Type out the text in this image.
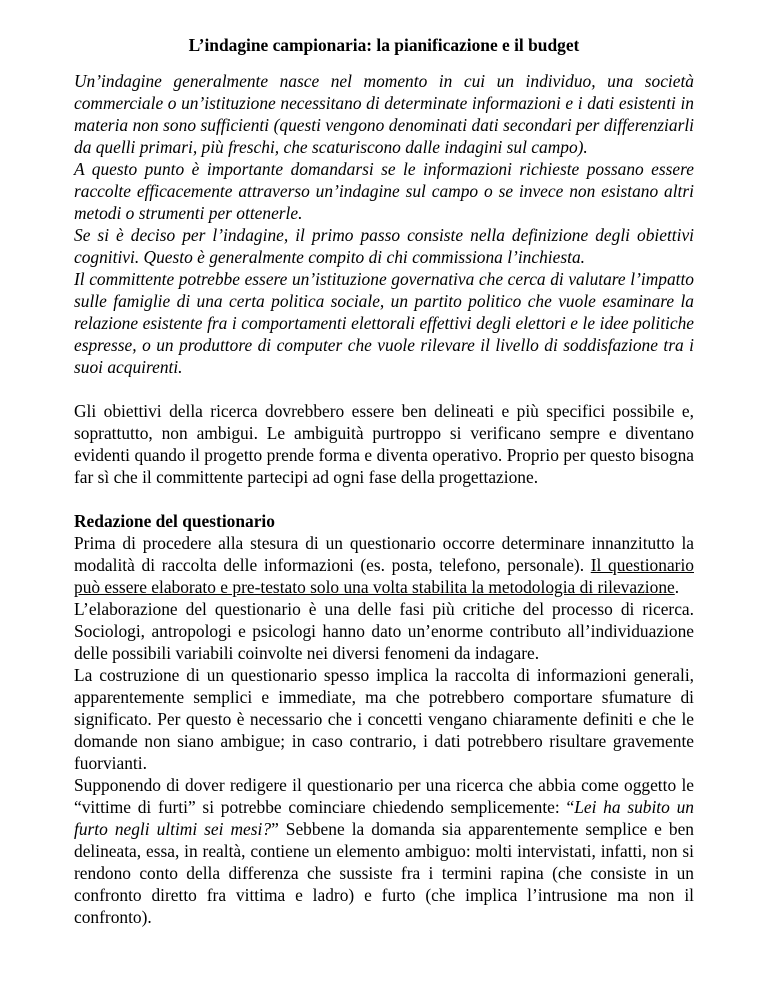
L’indagine campionaria: la pianificazione e il budget

Un’indagine generalmente nasce nel momento in cui un individuo, una società commerciale o un’istituzione necessitano di determinate informazioni e i dati esistenti in materia non sono sufficienti (questi vengono denominati dati secondari per differenziarli da quelli primari, più freschi, che scaturiscono dalle indagini sul campo).

A questo punto è importante domandarsi se le informazioni richieste possano essere raccolte efficacemente attraverso un’indagine sul campo o se invece non esistano altri metodi o strumenti per ottenerle.

Se si è deciso per l’indagine, il primo passo consiste nella definizione degli obiettivi cognitivi. Questo è generalmente compito di chi commissiona l’inchiesta.

Il committente potrebbe essere un’istituzione governativa che cerca di valutare l’impatto sulle famiglie di una certa politica sociale, un partito politico che vuole esaminare la relazione esistente fra i comportamenti elettorali effettivi degli elettori e le idee politiche espresse, o un produttore di computer che vuole rilevare il livello di soddisfazione tra i suoi acquirenti.

Gli obiettivi della ricerca dovrebbero essere ben delineati e più specifici possibile e, soprattutto, non ambigui. Le ambiguità purtroppo si verificano sempre e diventano evidenti quando il progetto prende forma e diventa operativo. Proprio per questo bisogna far sì che il committente partecipi ad ogni fase della progettazione.

Redazione del questionario

Prima di procedere alla stesura di un questionario occorre determinare innanzitutto la modalità di raccolta delle informazioni (es. posta, telefono, personale). Il questionario può essere elaborato e pre-testato solo una volta stabilita la metodologia di rilevazione.

L’elaborazione del questionario è una delle fasi più critiche del processo di ricerca. Sociologi, antropologi e psicologi hanno dato un’enorme contributo all’individuazione delle possibili variabili coinvolte nei diversi fenomeni da indagare.

La costruzione di un questionario spesso implica la raccolta di informazioni generali, apparentemente semplici e immediate, ma che potrebbero comportare sfumature di significato. Per questo è necessario che i concetti vengano chiaramente definiti e che le domande non siano ambigue; in caso contrario, i dati potrebbero risultare gravemente fuorvianti.

Supponendo di dover redigere il questionario per una ricerca che abbia come oggetto le “vittime di furti” si potrebbe cominciare chiedendo semplicemente: “Lei ha subito un furto negli ultimi sei mesi?” Sebbene la domanda sia apparentemente semplice e ben delineata, essa, in realtà, contiene un elemento ambiguo: molti intervistati, infatti, non si rendono conto della differenza che sussiste fra i termini rapina (che consiste in un confronto diretto fra vittima e ladro) e furto (che implica l’intrusione ma non il confronto).
